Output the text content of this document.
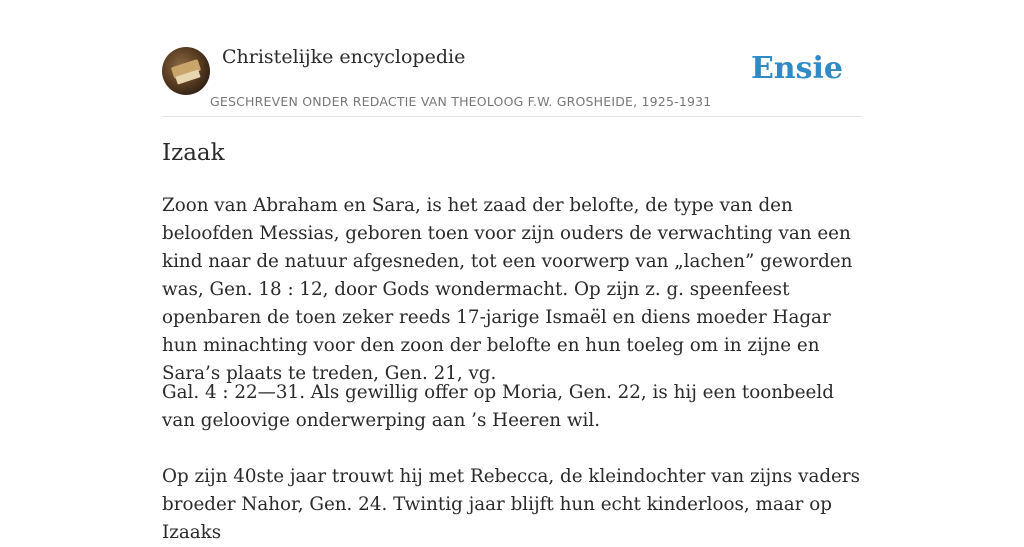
Christelijke encyclopedie
GESCHREVEN ONDER REDACTIE VAN THEOLOOG F.W. GROSHEIDE, 1925-1931
Ensie
Izaak

Zoon van Abraham en Sara, is het zaad der belofte, de type van den beloofden Messias, geboren toen voor zijn ouders de verwachting van een kind naar de natuur afgesneden, tot een voorwerp van „lachen” geworden was, Gen. 18 : 12, door Gods wondermacht. Op zijn z. g. speenfeest openbaren de toen zeker reeds 17-jarige Ismaël en diens moeder Hagar hun minachting voor den zoon der belofte en hun toeleg om in zijne en Sara’s plaats te treden, Gen. 21, vg.

Gal. 4 : 22—31. Als gewillig offer op Moria, Gen. 22, is hij een toonbeeld van geloovige onderwerping aan ’s Heeren wil.

Op zijn 40ste jaar trouwt hij met Rebecca, de kleindochter van zijns vaders broeder Nahor, Gen. 24. Twintig jaar blijft hun echt kinderloos, maar op Izaaks
